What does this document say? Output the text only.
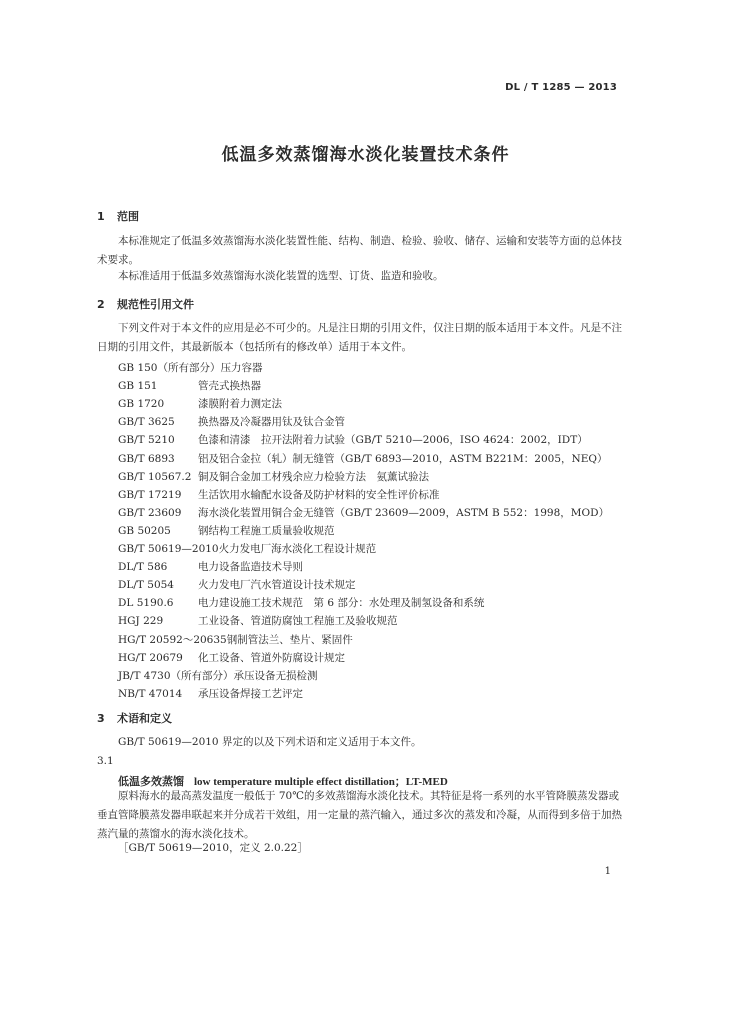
DL / T 1285 — 2013
低温多效蒸馏海水淡化装置技术条件
1 范围
本标准规定了低温多效蒸馏海水淡化装置性能、结构、制造、检验、验收、储存、运输和安装等方面的总体技术要求。
本标准适用于低温多效蒸馏海水淡化装置的选型、订货、监造和验收。
2 规范性引用文件
下列文件对于本文件的应用是必不可少的。凡是注日期的引用文件，仅注日期的版本适用于本文件。凡是不注日期的引用文件，其最新版本（包括所有的修改单）适用于本文件。
GB 150（所有部分）压力容器
GB 151	管壳式换热器
GB 1720	漆膜附着力测定法
GB/T 3625 换热器及冷凝器用钛及钛合金管
GB/T 5210 色漆和清漆　拉开法附着力试验（GB/T 5210—2006，ISO 4624：2002，IDT）
GB/T 6893 铝及铝合金拉（轧）制无缝管（GB/T 6893—2010，ASTM B221M：2005，NEQ）
GB/T 10567.2 铜及铜合金加工材残余应力检验方法　氨薰试验法
GB/T 17219 生活饮用水输配水设备及防护材料的安全性评价标准
GB/T 23609 海水淡化装置用铜合金无缝管（GB/T 23609—2009，ASTM B 552：1998，MOD）
GB 50205	钢结构工程施工质量验收规范
GB/T 50619—2010火力发电厂海水淡化工程设计规范
DL/T 586	电力设备监造技术导则
DL/T 5054 火力发电厂汽水管道设计技术规定
DL 5190.6 电力建设施工技术规范　第 6 部分：水处理及制氢设备和系统
HGJ 229	工业设备、管道防腐蚀工程施工及验收规范
HG/T 20592～20635钢制管法兰、垫片、紧固件
HG/T 20679 化工设备、管道外防腐设计规定
JB/T 4730（所有部分）承压设备无损检测
NB/T 47014 承压设备焊接工艺评定
3 术语和定义
GB/T 50619—2010 界定的以及下列术语和定义适用于本文件。
3.1
低温多效蒸馏 low temperature multiple effect distillation；LT-MED
原料海水的最高蒸发温度一般低于 70℃的多效蒸馏海水淡化技术。其特征是将一系列的水平管降膜蒸发器或垂直管降膜蒸发器串联起来并分成若干效组，用一定量的蒸汽输入，通过多次的蒸发和冷凝，从而得到多倍于加热蒸汽量的蒸馏水的海水淡化技术。
［GB/T 50619—2010，定义 2.0.22］
1
